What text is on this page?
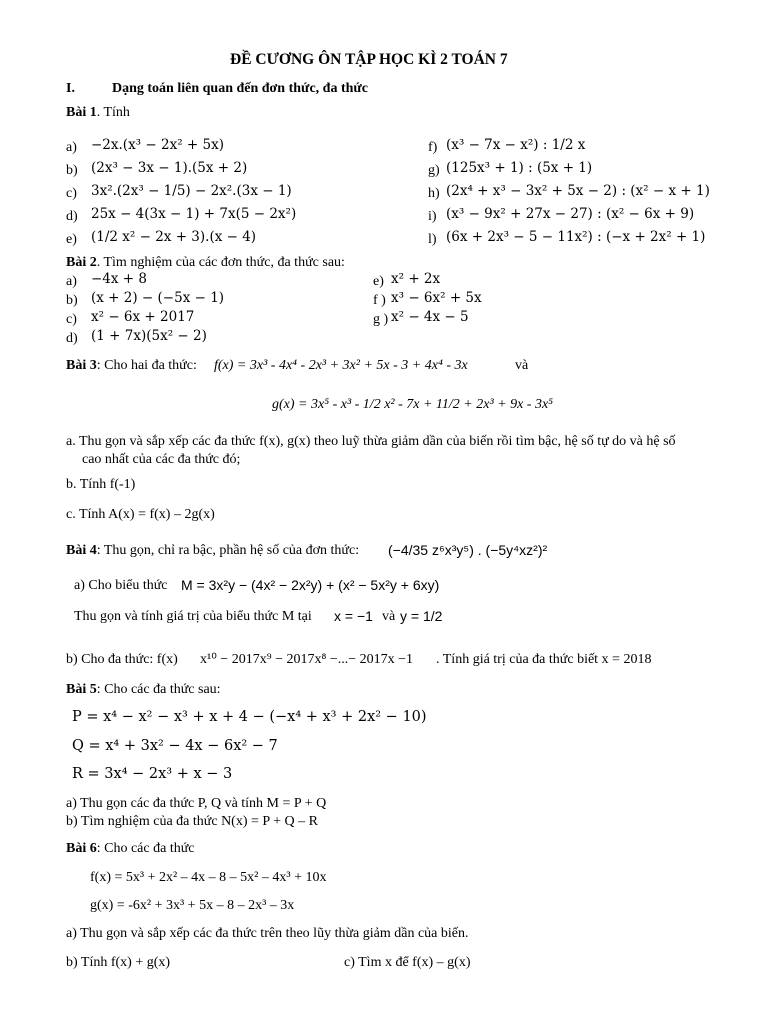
ĐỀ CƯƠNG ÔN TẬP HỌC KÌ 2 TOÁN 7
I.	Dạng toán liên quan đến đơn thức, đa thức
Bài 1. Tính
a) −2x.(x³ − 2x² + 5x)
b) (2x³ − 3x − 1).(5x + 2)
c) 3x².(2x³ − 1/5) − 2x².(3x − 1)
d) 25x − 4(3x − 1) + 7x(5 − 2x²)
e) (1/2 x² − 2x + 3).(x − 4)
f) (x³ − 7x − x²) : 1/2 x
g) (125x³ + 1) : (5x + 1)
h) (2x⁴ + x³ − 3x² + 5x − 2) : (x² − x + 1)
i) (x³ − 9x² + 27x − 27) : (x² − 6x + 9)
l) (6x + 2x³ − 5 − 11x²) : (−x + 2x² + 1)
Bài 2. Tìm nghiệm của các đơn thức, đa thức sau:
a) −4x + 8
b) (x + 2) − (−5x − 1)
c) x² − 6x + 2017
d) (1 + 7x)(5x² − 2)
e) x² + 2x
f ) x³ − 6x² + 5x
g ) x² − 4x − 5
Bài 3: Cho hai đa thức: f(x) = 3x³ - 4x⁴ - 2x³ + 3x² + 5x - 3 + 4x⁴ - 3x	và
g(x) = 3x⁵ - x³ - 1/2 x² - 7x + 11/2 + 2x³ + 9x - 3x⁵
a. Thu gọn và sắp xếp các đa thức f(x), g(x) theo luỹ thừa giảm dần của biến rồi tìm bậc, hệ số tự do và hệ số
cao nhất của các đa thức đó;
b. Tính f(-1)
c. Tính A(x) = f(x) – 2g(x)
Bài 4: Thu gọn, chỉ ra bậc, phần hệ số của đơn thức: (−4/35 z⁶x³y⁵) . (−5y⁴xz²)²
a) Cho biểu thức M = 3x²y − (4x² − 2x²y) + (x² − 5x²y + 6xy)
Thu gọn và tính giá trị của biểu thức M tại x = −1 và y = 1/2
b) Cho đa thức: f(x) x¹⁰ − 2017x⁹ − 2017x⁸ −...− 2017x −1 . Tính giá trị của đa thức biết x = 2018
Bài 5: Cho các đa thức sau:
P = x⁴ − x² − x³ + x + 4 − (−x⁴ + x³ + 2x² − 10)
Q = x⁴ + 3x² − 4x − 6x² − 7
R = 3x⁴ − 2x³ + x − 3
a) Thu gọn các đa thức P, Q và tính M = P + Q
b) Tìm nghiệm của đa thức N(x) = P + Q – R
Bài 6: Cho các đa thức
f(x) = 5x³ + 2x² – 4x – 8 – 5x² – 4x³ + 10x
g(x) = -6x² + 3x³ + 5x – 8 – 2x³ – 3x
a) Thu gọn và sắp xếp các đa thức trên theo lũy thừa giảm dần của biến.
b) Tính f(x) + g(x)	c) Tìm x để f(x) – g(x)
